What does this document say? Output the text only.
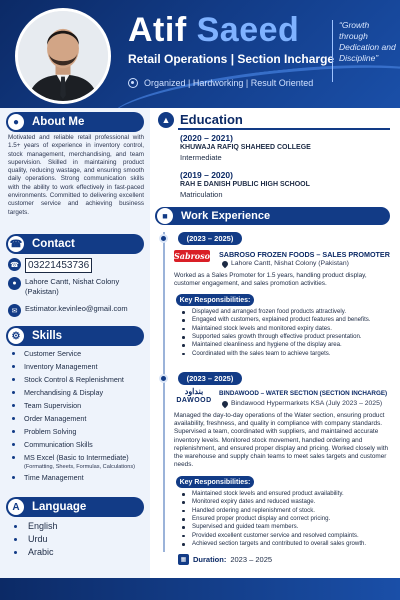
Atif Saeed
Retail Operations | Section Incharge
Organized | Hardworking | Result Oriented
“Growth through Dedication and Discipline”
●	About Me
Motivated and reliable retail professional with 1.5+ years of experience in inventory control, stock management, merchandising, and team supervision. Skilled in maintaining product quality, reducing wastage, and ensuring smooth daily operations. Strong communication skills with the ability to work effectively in fast-paced environments. Committed to delivering excellent customer service and achieving business targets.
☎ Contact
☎ 03221453736
●	Lahore Cantt, Nishat Colony (Pakistan)
✉	Estimator.kevinleo@gmail.com
⚙	Skills
Customer Service
Inventory Management
Stock Control & Replenishment
Merchandising & Display
Team Supervision
Order Management
Problem Solving
Communication Skills
MS Excel (Basic to Intermediate)
(Formatting, Sheets, Formulas, Calculations)
Time Management
A	Language
English
Urdu
Arabic
▲ Education
(2020 – 2021)
KHUWAJA RAFIQ SHAHEED COLLEGE
Intermediate
(2019 – 2020)
RAH E DANISH PUBLIC HIGH SCHOOL
Matriculation
■	Work Experience
(2023 – 2025)
Sabroso SABROSO FROZEN FOODS – SALES PROMOTER
Lahore Cantt, Nishat Colony (Pakistan)
Worked as a Sales Promoter for 1.5 years, handling product display, customer engagement, and sales promotion activities.
Key Responsibilities:
Displayed and arranged frozen food products attractively.
Engaged with customers, explained product features and benefits.
Maintained stock levels and monitored expiry dates.
Supported sales growth through effective product presentation.
Maintained cleanliness and hygiene of the display area.
Coordinated with the sales team to achieve targets.
(2023 – 2025)
بنداود
DAWOOD
BINDAWOOD – WATER SECTION (SECTION INCHARGE)
Bindawood Hypermarkets KSA (July 2023 – 2025)
Managed the day-to-day operations of the Water section, ensuring product availability, freshness, and quality in compliance with company standards. Supervised a team, coordinated with suppliers, and maintained accurate inventory levels. Monitored stock movement, handled ordering and replenishment, and ensured proper display and pricing. Worked closely with the warehouse and supply chain teams to meet sales targets and customer needs.
Key Responsibilities:
Maintained stock levels and ensured product availability.
Monitored expiry dates and reduced wastage.
Handled ordering and replenishment of stock.
Ensured proper product display and correct pricing.
Supervised and guided team members.
Provided excellent customer service and resolved complaints.
Achieved section targets and contributed to overall sales growth.
▦ Duration: 2023 – 2025
